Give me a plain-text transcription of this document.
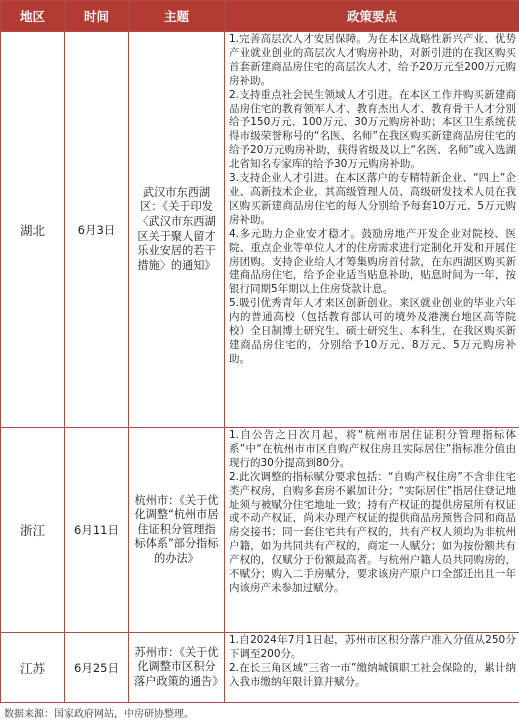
地区	时间	主题	政策要点
湖北	6月3日	武汉市东西湖区：《关于印发〈武汉市东西湖区关于聚人留才乐业安居的若干措施〉的通知》	1.完善高层次人才安居保障。为在本区战略性新兴产业、优势产业就业创业的高层次人才购房补助，对新引进的在我区购买首套新建商品房住宅的高层次人才，给予20万元至200万元购房补助。

2.支持重点社会民生领域人才引进。在本区工作并购买新建商品房住宅的教育领军人才、教育杰出人才、教育骨干人才分别给予150万元、100万元、30万元购房补助；本区卫生系统获得市级荣誉称号的“名医、名师”在我区购买新建商品房住宅的给予20万元购房补助，获得省级及以上“名医、名师”或入选湖北省知名专家库的给予30万元购房补助。

3.支持企业人才引进。在本区落户的专精特新企业、“四上”企业、高新技术企业，其高级管理人员、高级研发技术人员在我区购买新建商品房住宅的每人分别给予每套10万元、5万元购房补助。

4.多元助力企业安才稳才。鼓励房地产开发企业对院校、医院、重点企业等单位人才的住房需求进行定制化开发和开展住房团购。支持企业给人才筹集购房首付款，在东西湖区购买新建商品房住宅，给予企业适当贴息补助，贴息时间为一年，按银行同期5年期以上住房贷款计息。

5.吸引优秀青年人才来区创新创业。来区就业创业的毕业六年内的普通高校（包括教育部认可的境外及港澳台地区高等院校）全日制博士研究生、硕士研究生、本科生，在我区购买新建商品房住宅的，分别给予10万元、8万元、5万元购房补助。

浙江	6月11日	杭州市：《关于优化调整“杭州市居住证积分管理指标体系”部分指标的办法》	1.自公告之日次月起，将“杭州市居住证积分管理指标体系”中“在杭州市市区自购产权住房且实际居住”指标准分值由现行的30分提高到80分。

2.此次调整的指标赋分要求包括：“自购产权住房”不含非住宅类产权房，自购多套房不累加计分；“实际居住”指居住登记地址须与被赋分住宅地址一致；持有产权证的提供房屋所有权证或不动产权证，尚未办理产权证的提供商品房预售合同和商品房交接书；同一套住宅共有产权的，共有产权人须均为非杭州户籍，如为共同共有产权的，商定一人赋分；如为按份额共有产权的，仅赋分于份额最高者。与杭州户籍人员共同购房的，不赋分；购入二手房赋分，要求该房产原户口全部迁出且一年内该房产未参加过赋分。

江苏	6月25日	苏州市：《关于优化调整市区积分落户政策的通告》	1.自2024年7月1日起，苏州市区积分落户准入分值从250分下调至200分。

2.在长三角区域“三省一市”缴纳城镇职工社会保险的，累计纳入我市缴纳年限计算并赋分。

数据来源：国家政府网站，中房研协整理。
